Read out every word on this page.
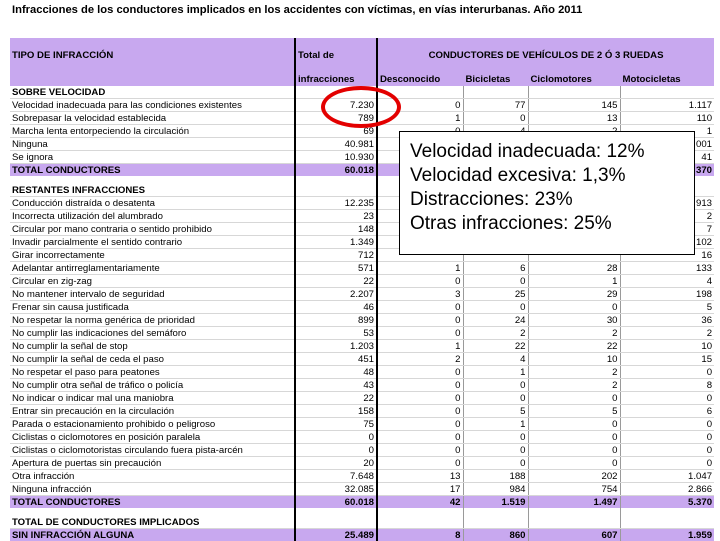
Infracciones de los conductores implicados en los accidentes con víctimas, en vías interurbanas. Año 2011
TIPO DE INFRACCIÓN	Total de	CONDUCTORES DE VEHÍCULOS DE 2 Ó 3 RUEDAS			
	infracciones	Desconocido	Bicicletas	Ciclomotores	Motocicletas
SOBRE VELOCIDAD					
Velocidad inadecuada para las condiciones existentes	7.230	0	77	145	1.117
Sobrepasar la velocidad establecida	789	1	0	13	110
Marcha lenta entorpeciendo la circulación	69				1
Ninguna	40.981				001
Se ignora	10.930				41
TOTAL CONDUCTORES	60.018				370

RESTANTES INFRACCIONES					
Conducción distraída o desatenta	12.235				913
Incorrecta utilización del alumbrado	23				2
Circular por mano contraria o sentido prohibido	148				7
Invadir parcialmente el sentido contrario	1.349				102
Girar incorrectamente	712				16
Adelantar antirreglamentariamente	571	1	6	28	133
Circular en zig-zag	22	0	0	1	4
No mantener intervalo de seguridad	2.207	3	25	29	198
Frenar sin causa justificada	46	0	0	0	5
No respetar la norma genérica de prioridad	899	0	24	30	36
No cumplir las indicaciones del semáforo	53	0	2	2	2
No cumplir la señal de stop	1.203	1	22	22	10
No cumplir la señal de ceda el paso	451	2	4	10	15
No respetar el paso para peatones	48	0	1	2	0
No cumplir otra señal de tráfico o policía	43	0	0	2	8
No indicar o indicar mal una maniobra	22	0	0	0	0
Entrar sin precaución en la circulación	158	0	5	5	6
Parada o estacionamiento prohibido o peligroso	75	0	1	0	0
Ciclistas o ciclomotores en posición paralela	0	0	0	0	0
Ciclistas o ciclomotoristas circulando fuera pista-arcén	0	0	0	0	0
Apertura de puertas sin precaución	20	0	0	0	0
Otra infracción	7.648	13	188	202	1.047
Ninguna infracción	32.085	17	984	754	2.866
TOTAL CONDUCTORES	60.018	42	1.519	1.497	5.370

TOTAL DE CONDUCTORES IMPLICADOS					
SIN INFRACCIÓN ALGUNA	25.489	8	860	607	1.959
Velocidad inadecuada: 12%
Velocidad excesiva: 1,3%
Distracciones: 23%
Otras infracciones: 25%
